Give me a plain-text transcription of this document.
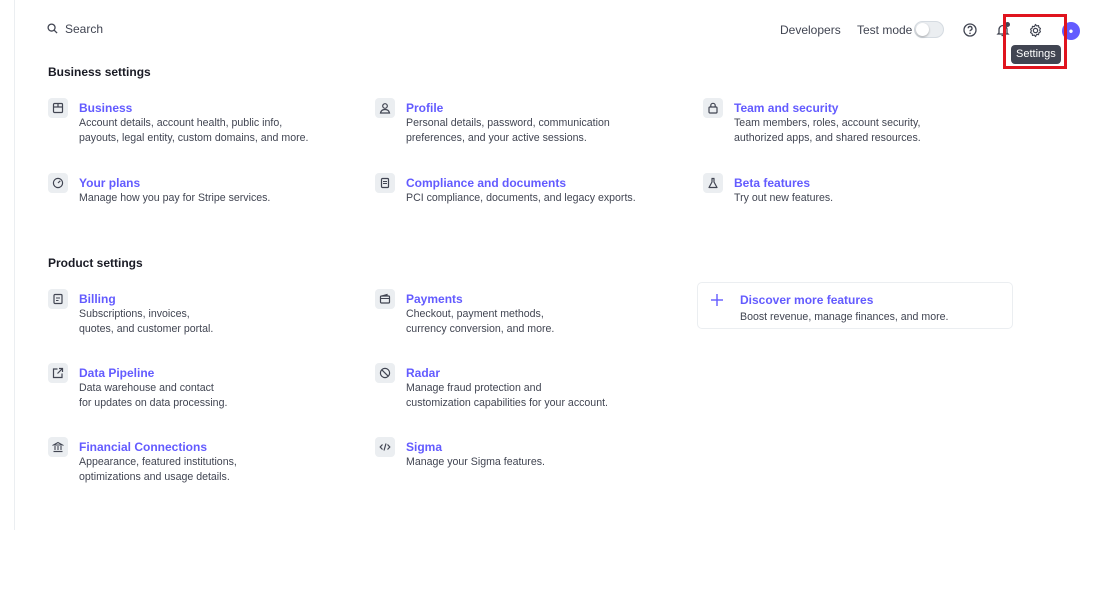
Search	Developers Test mode	•
Settings
Business settings
Business
Account details, account health, public info,
payouts, legal entity, custom domains, and more.
Profile
Personal details, password, communication
preferences, and your active sessions.
Team and security
Team members, roles, account security,
authorized apps, and shared resources.
Your plans
Manage how you pay for Stripe services.
Compliance and documents
PCI compliance, documents, and legacy exports.
Beta features
Try out new features.
Product settings
Billing
Subscriptions, invoices,
quotes, and customer portal.
Payments
Checkout, payment methods,
currency conversion, and more.
Discover more features
Boost revenue, manage finances, and more.
Data Pipeline
Data warehouse and contact
for updates on data processing.
Radar
Manage fraud protection and
customization capabilities for your account.
Financial Connections
Appearance, featured institutions,
optimizations and usage details.
Sigma
Manage your Sigma features.
